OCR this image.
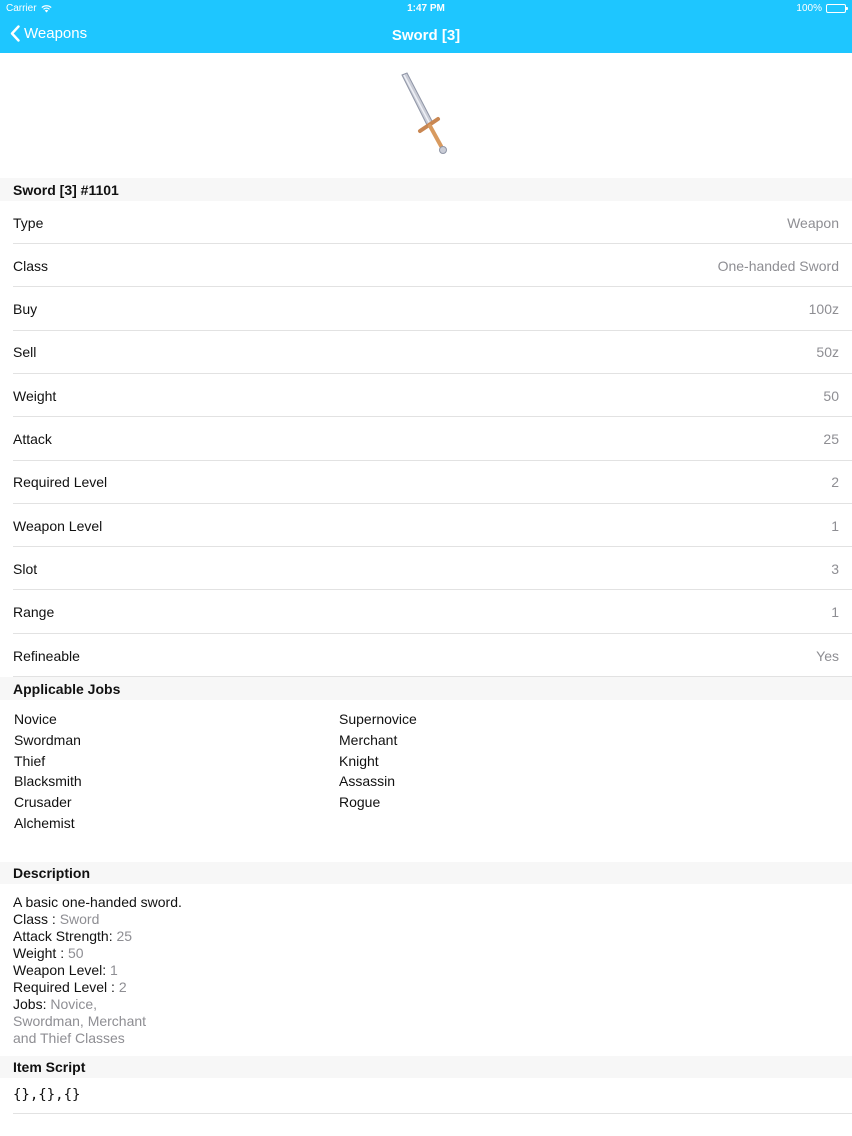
Carrier	1:47 PM	100%
Weapons	Sword [3]
Sword [3] #1101
Type	Weapon
Class	One-handed Sword
Buy	100z
Sell	50z
Weight	50
Attack	25
Required Level	2
Weapon Level	1
Slot	3
Range	1
Refineable	Yes
Applicable Jobs
Novice
Swordman
Thief
Blacksmith
Crusader
Alchemist
Supernovice
Merchant
Knight
Assassin
Rogue
Description
A basic one-handed sword.
Class : Sword
Attack Strength: 25
Weight : 50
Weapon Level: 1
Required Level : 2
Jobs: Novice,
Swordman, Merchant
and Thief Classes
Item Script
{},{},{}
